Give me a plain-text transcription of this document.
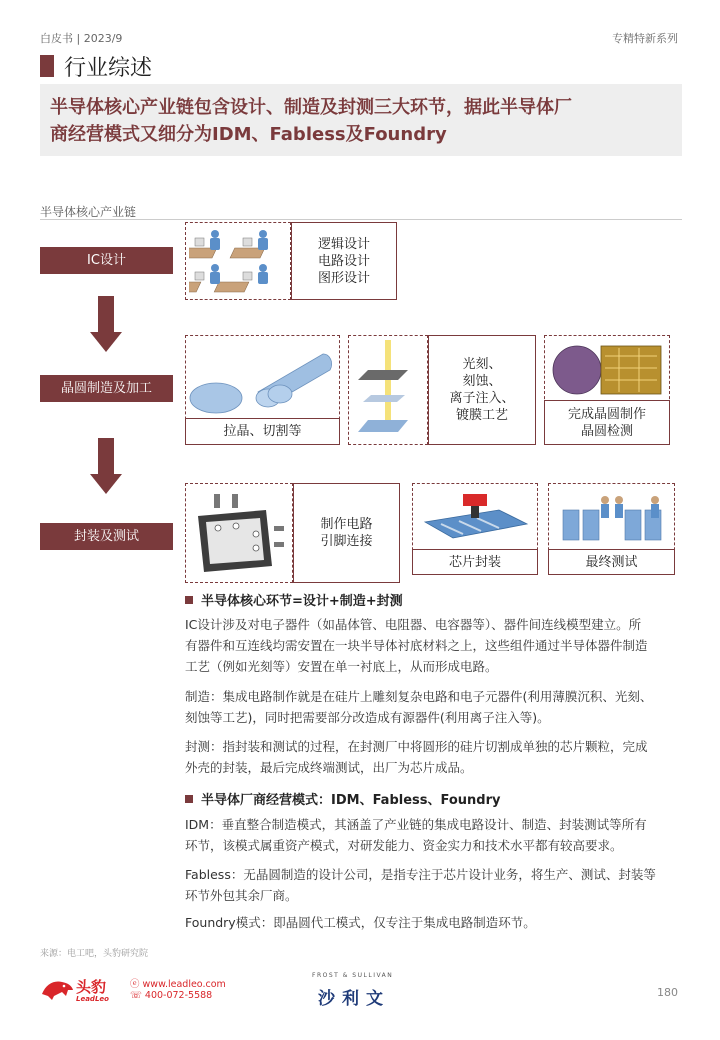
白皮书 | 2023/9	专精特新系列
行业综述
半导体核心产业链包含设计、制造及封测三大环节，据此半导体厂
商经营模式又细分为IDM、Fabless及Foundry
半导体核心产业链
IC设计
晶圆制造及加工
封装及测试
逻辑设计
电路设计
图形设计
拉晶、切割等
光刻、
刻蚀、
离子注入、
镀膜工艺	完成晶圆制作
晶圆检测
制作电路
引脚连接
芯片封装	最终测试
半导体核心环节=设计+制造+封测
IC设计涉及对电子器件（如晶体管、电阻器、电容器等）、器件间连线模型建立。所
有器件和互连线均需安置在一块半导体衬底材料之上，这些组件通过半导体器件制造
工艺（例如光刻等）安置在单一衬底上，从而形成电路。
制造：集成电路制作就是在硅片上雕刻复杂电路和电子元器件(利用薄膜沉积、光刻、
刻蚀等工艺)，同时把需要部分改造成有源器件(利用离子注入等)。
封测：指封装和测试的过程，在封测厂中将圆形的硅片切割成单独的芯片颗粒，完成
外壳的封装，最后完成终端测试，出厂为芯片成品。
半导体厂商经营模式：IDM、Fabless、Foundry
IDM：垂直整合制造模式，其涵盖了产业链的集成电路设计、制造、封装测试等所有
环节，该模式属重资产模式，对研发能力、资金实力和技术水平都有较高要求。
Fabless：无晶圆制造的设计公司，是指专注于芯片设计业务，将生产、测试、封装等
环节外包其余厂商。
Foundry模式：即晶圆代工模式，仅专注于集成电路制造环节。
来源：电工吧，头豹研究院
头豹
LeadLeo
ⓔ www.leadleo.com
☏ 400-072-5588
FROST & SULLIVAN
沙利文	180
